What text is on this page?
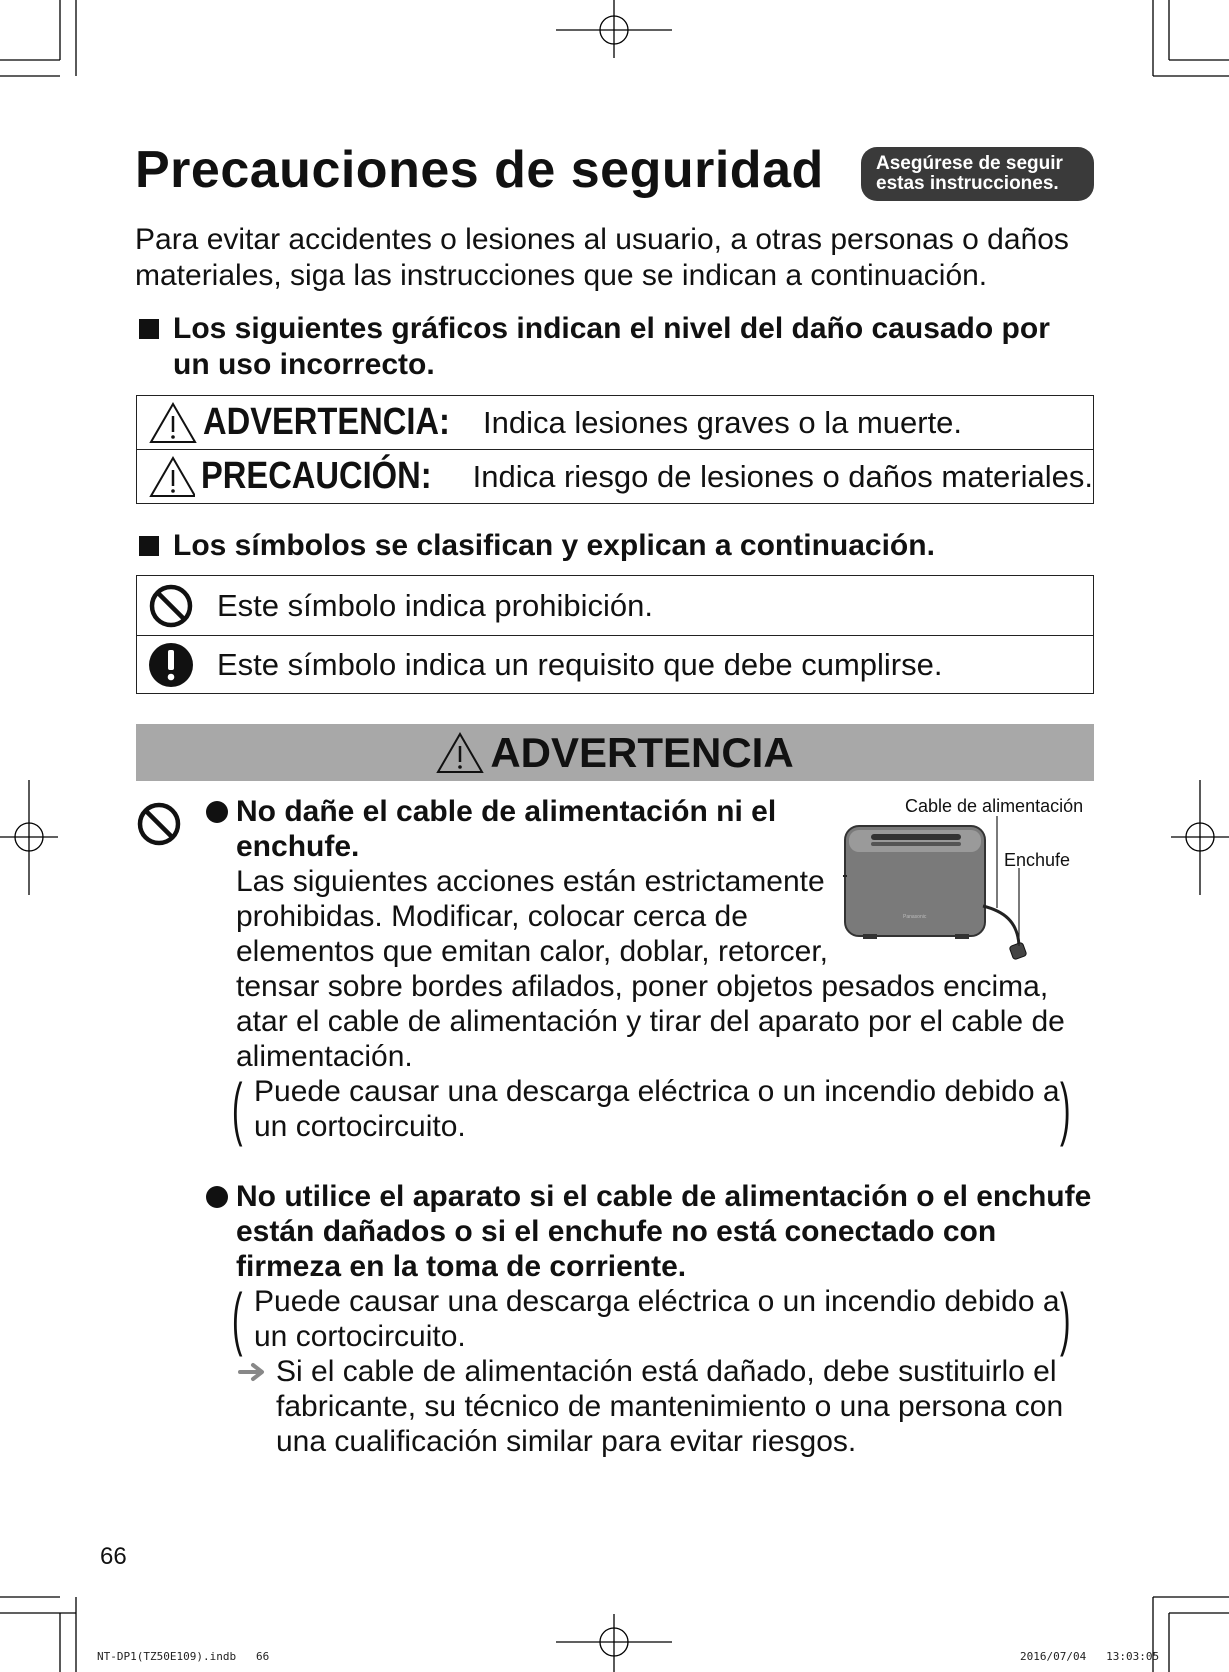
Precauciones de seguridad	Asegúrese de seguir
estas instrucciones.
Para evitar accidentes o lesiones al usuario, a otras personas o daños
materiales, siga las instrucciones que se indican a continuación.
Los siguientes gráficos indican el nivel del daño causado por
un uso incorrecto.
ADVERTENCIA:	Indica lesiones graves o la muerte.
PRECAUCIÓN:	Indica riesgo de lesiones o daños materiales.
Los símbolos se clasifican y explican a continuación.
Este símbolo indica prohibición.
Este símbolo indica un requisito que debe cumplirse.
ADVERTENCIA
Panasonic
Cable de alimentación
Enchufe
No dañe el cable de alimentación ni el
enchufe.
Las siguientes acciones están estrictamente
prohibidas. Modificar, colocar cerca de
elementos que emitan calor, doblar, retorcer,
tensar sobre bordes afilados, poner objetos pesados encima,
atar el cable de alimentación y tirar del aparato por el cable de
alimentación.
( Puede causar una descarga eléctrica o un incendio debido a
un cortocircuito.	)
No utilice el aparato si el cable de alimentación o el enchufe
están dañados o si el enchufe no está conectado con
firmeza en la toma de corriente.
( Puede causar una descarga eléctrica o un incendio debido a
un cortocircuito.	)
Si el cable de alimentación está dañado, debe sustituirlo el
fabricante, su técnico de mantenimiento o una persona con
una cualificación similar para evitar riesgos.
66
NT-DP1(TZ50E109).indb   66	2016/07/04   13:03:05
